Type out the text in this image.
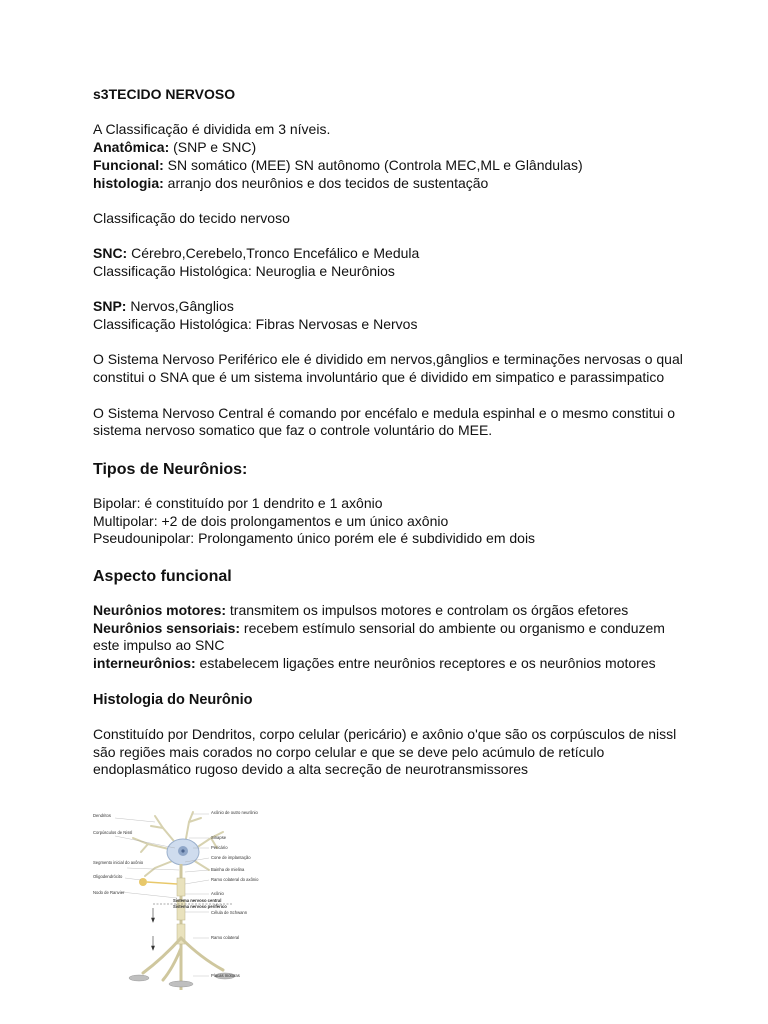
s3TECIDO NERVOSO

A Classificação é dividida em 3 níveis.

Anatômica: (SNP e SNC)

Funcional: SN somático (MEE) SN autônomo (Controla MEC,ML e Glândulas)

histologia: arranjo dos neurônios e dos tecidos de sustentação

Classificação do tecido nervoso

SNC: Cérebro,Cerebelo,Tronco Encefálico e Medula

Classificação Histológica: Neuroglia e Neurônios

SNP: Nervos,Gânglios

Classificação Histológica: Fibras Nervosas e Nervos

O Sistema Nervoso Periférico ele é dividido em nervos,gânglios e terminações nervosas o qual constitui o SNA que é um sistema involuntário que é dividido em simpatico e parassimpatico

O Sistema Nervoso Central é comando por encéfalo e medula espinhal e o mesmo constitui o sistema nervoso somatico que faz o controle voluntário do MEE.

Tipos de Neurônios:

Bipolar: é constituído por 1 dendrito e 1 axônio

Multipolar: +2 de dois prolongamentos e um único axônio

Pseudounipolar: Prolongamento único porém ele é subdividido em dois

Aspecto funcional

Neurônios motores: transmitem os impulsos motores e controlam os órgãos efetores

Neurônios sensoriais: recebem estímulo sensorial do ambiente ou organismo e conduzem este impulso ao SNC

interneurônios: estabelecem ligações entre neurônios receptores e os neurônios motores

Histologia do Neurônio

Constituído por Dendritos, corpo celular (pericário) e axônio o'que são os corpúsculos de nissl são regiões mais corados no corpo celular e que se deve pelo acúmulo de retículo endoplasmático rugoso devido a alta secreção de neurotransmissores

Dendritos
Corpúsculos de Nissl
Segmento inicial do axônio
Oligodendrócito
Nodo de Ranvier
Axônio de outro neurônio
Sinapse
Pericário
Cone de implantação
Bainha de mielina
Ramo colateral do axônio
Axônio
Sistema nervoso central
Sistema nervoso periférico
Célula de Schwann
Ramo colateral
Placas motoras
